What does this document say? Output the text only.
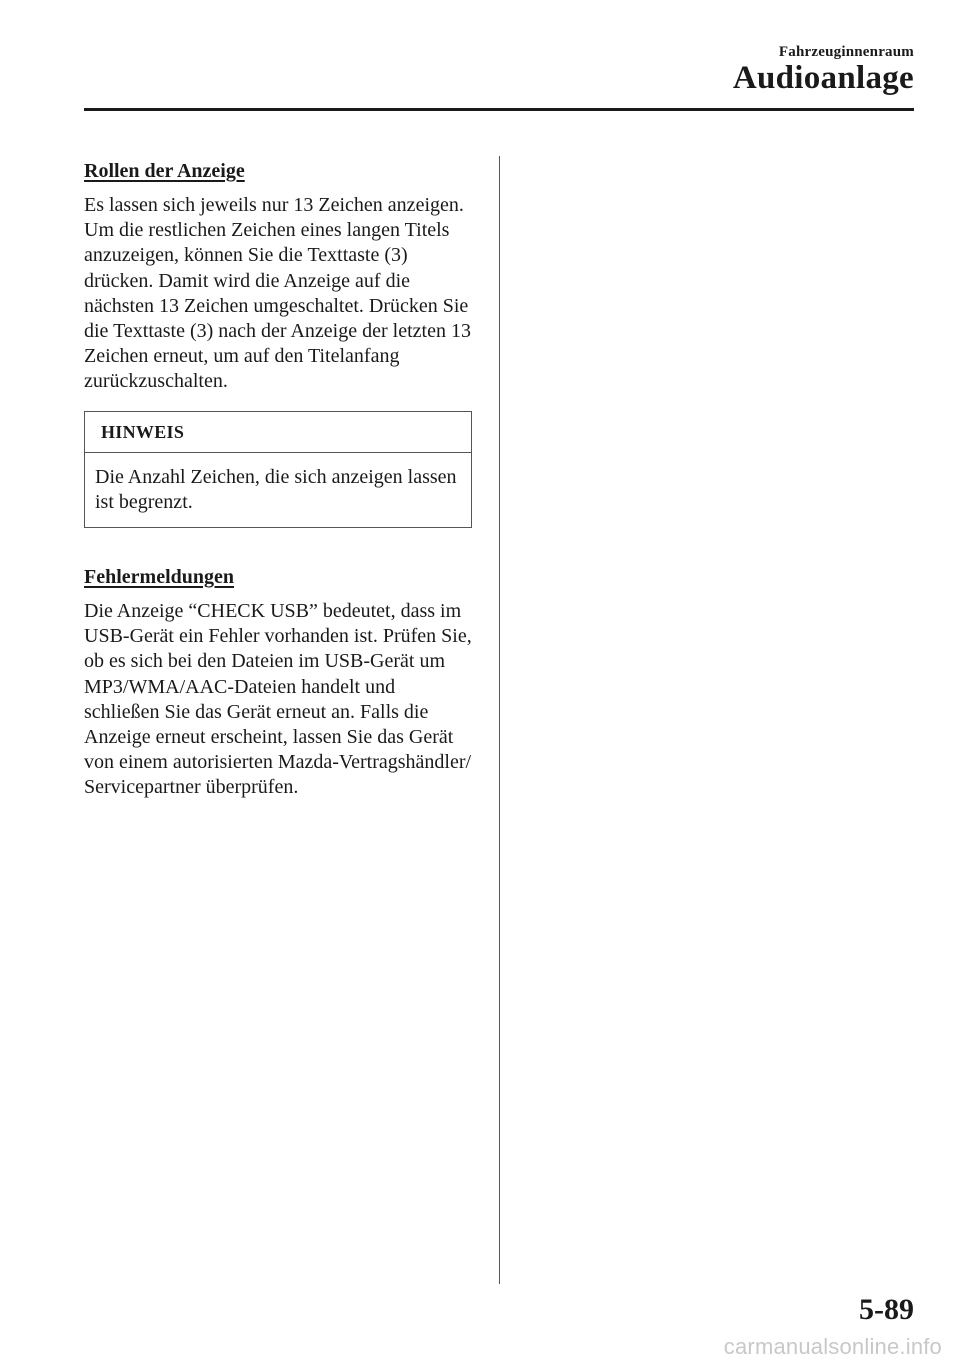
Fahrzeuginnenraum
Audioanlage
Rollen der Anzeige

Es lassen sich jeweils nur 13 Zeichen anzeigen. Um die restlichen Zeichen eines langen Titels anzuzeigen, können Sie die Texttaste (3) drücken. Damit wird die Anzeige auf die nächsten 13 Zeichen umgeschaltet. Drücken Sie die Texttaste (3) nach der Anzeige der letzten 13 Zeichen erneut, um auf den Titelanfang zurückzuschalten.

HINWEIS
Die Anzahl Zeichen, die sich anzeigen lassen ist begrenzt.
Fehlermeldungen

Die Anzeige “CHECK USB” bedeutet, dass im USB-Gerät ein Fehler vorhanden ist. Prüfen Sie, ob es sich bei den Dateien im USB-Gerät um MP3/WMA/AAC-Dateien handelt und schließen Sie das Gerät erneut an. Falls die Anzeige erneut erscheint, lassen Sie das Gerät von einem autorisierten Mazda-Vertragshändler/ Servicepartner überprüfen.

5-89
carmanualsonline.info
